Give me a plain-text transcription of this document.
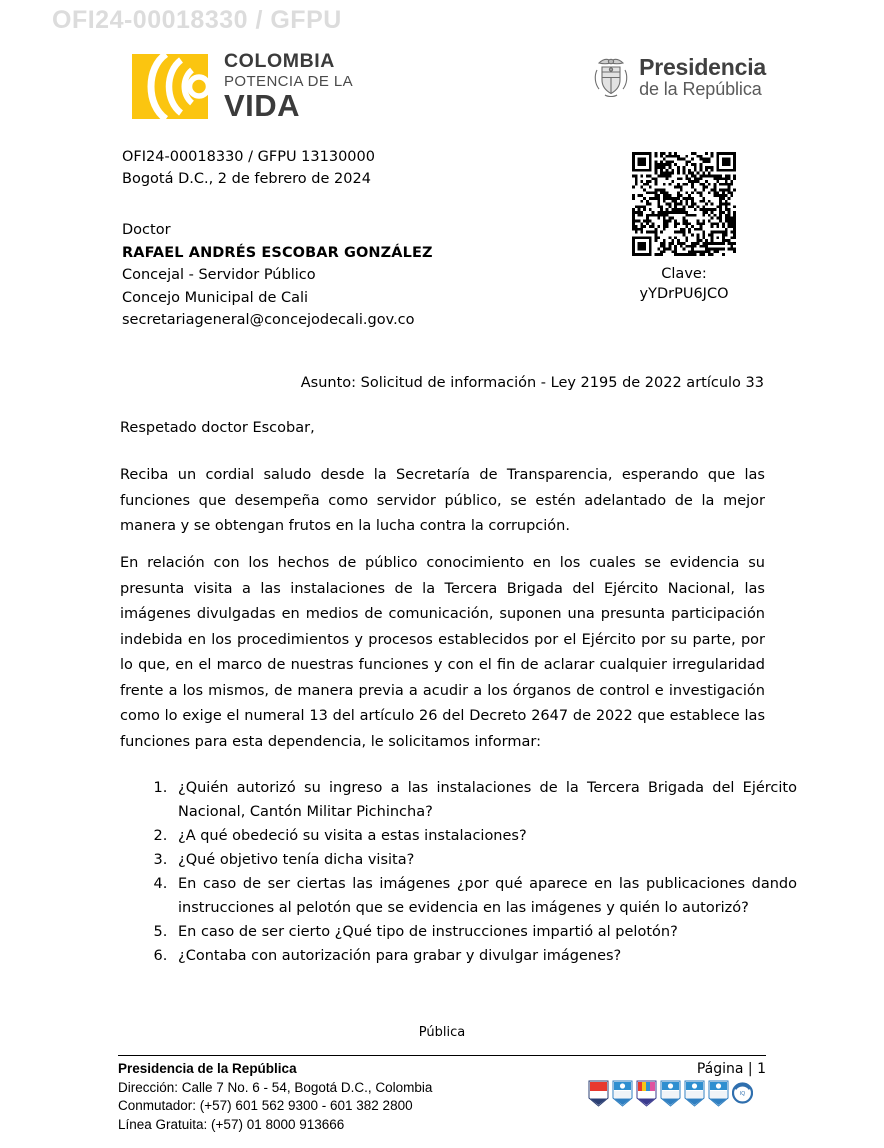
OFI24-00018330 / GFPU
COLOMBIA
POTENCIA DE LA
VIDA
Presidencia
de la República
OFI24-00018330 / GFPU 13130000
Bogotá D.C., 2 de febrero de 2024
Doctor
RAFAEL ANDRÉS ESCOBAR GONZÁLEZ
Concejal - Servidor Público
Concejo Municipal de Cali
secretariageneral@concejodecali.gov.co
Clave:
yYDrPU6JCO
Asunto: Solicitud de información - Ley 2195 de 2022 artículo 33
Respetado doctor Escobar,
Reciba un cordial saludo desde la Secretaría de Transparencia, esperando que las funciones que desempeña como servidor público, se estén adelantado de la mejor manera y se obtengan frutos en la lucha contra la corrupción.
En relación con los hechos de público conocimiento en los cuales se evidencia su presunta visita a las instalaciones de la Tercera Brigada del Ejército Nacional, las imágenes divulgadas en medios de comunicación, suponen una presunta participación indebida en los procedimientos y procesos establecidos por el Ejército por su parte, por lo que, en el marco de nuestras funciones y con el fin de aclarar cualquier irregularidad frente a los mismos, de manera previa a acudir a los órganos de control e investigación como lo exige el numeral 13 del artículo 26 del Decreto 2647 de 2022 que establece las funciones para esta dependencia, le solicitamos informar:
1. ¿Quién autorizó su ingreso a las instalaciones de la Tercera Brigada del Ejército Nacional, Cantón Militar Pichincha?
2. ¿A qué obedeció su visita a estas instalaciones?
3. ¿Qué objetivo tenía dicha visita?
4. En caso de ser ciertas las imágenes ¿por qué aparece en las publicaciones dando instrucciones al pelotón que se evidencia en las imágenes y quién lo autorizó?
5. En caso de ser cierto ¿Qué tipo de instrucciones impartió al pelotón?
6. ¿Contaba con autorización para grabar y divulgar imágenes?
Pública
Página | 1
Presidencia de la República
Dirección: Calle 7 No. 6 - 54, Bogotá D.C., Colombia
Conmutador: (+57) 601 562 9300 - 601 382 2800
Línea Gratuita: (+57) 01 8000 913666
IQ
